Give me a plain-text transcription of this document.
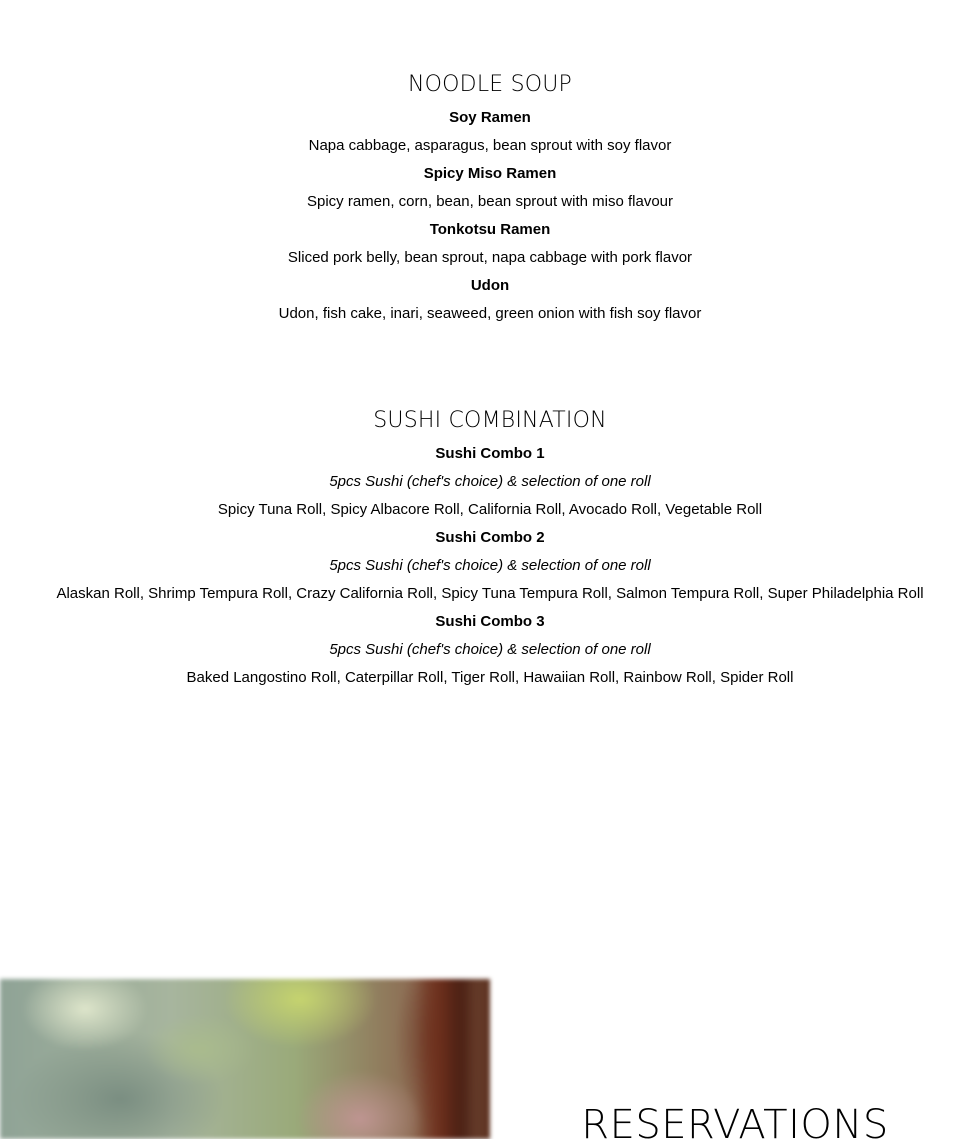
NOODLE SOUP
Soy Ramen
Napa cabbage, asparagus, bean sprout with soy flavor
Spicy Miso Ramen
Spicy ramen, corn, bean, bean sprout with miso flavour
Tonkotsu Ramen
Sliced pork belly, bean sprout, napa cabbage with pork flavor
Udon
Udon, fish cake, inari, seaweed, green onion with fish soy flavor
SUSHI COMBINATION
Sushi Combo 1
5pcs Sushi (chef's choice) & selection of one roll
Spicy Tuna Roll, Spicy Albacore Roll, California Roll, Avocado Roll, Vegetable Roll
Sushi Combo 2
5pcs Sushi (chef's choice) & selection of one roll
Alaskan Roll, Shrimp Tempura Roll, Crazy California Roll, Spicy Tuna Tempura Roll, Salmon Tempura Roll, Super Philadelphia Roll
Sushi Combo 3
5pcs Sushi (chef's choice) & selection of one roll
Baked Langostino Roll, Caterpillar Roll, Tiger Roll, Hawaiian Roll, Rainbow Roll, Spider Roll
RESERVATIONS
